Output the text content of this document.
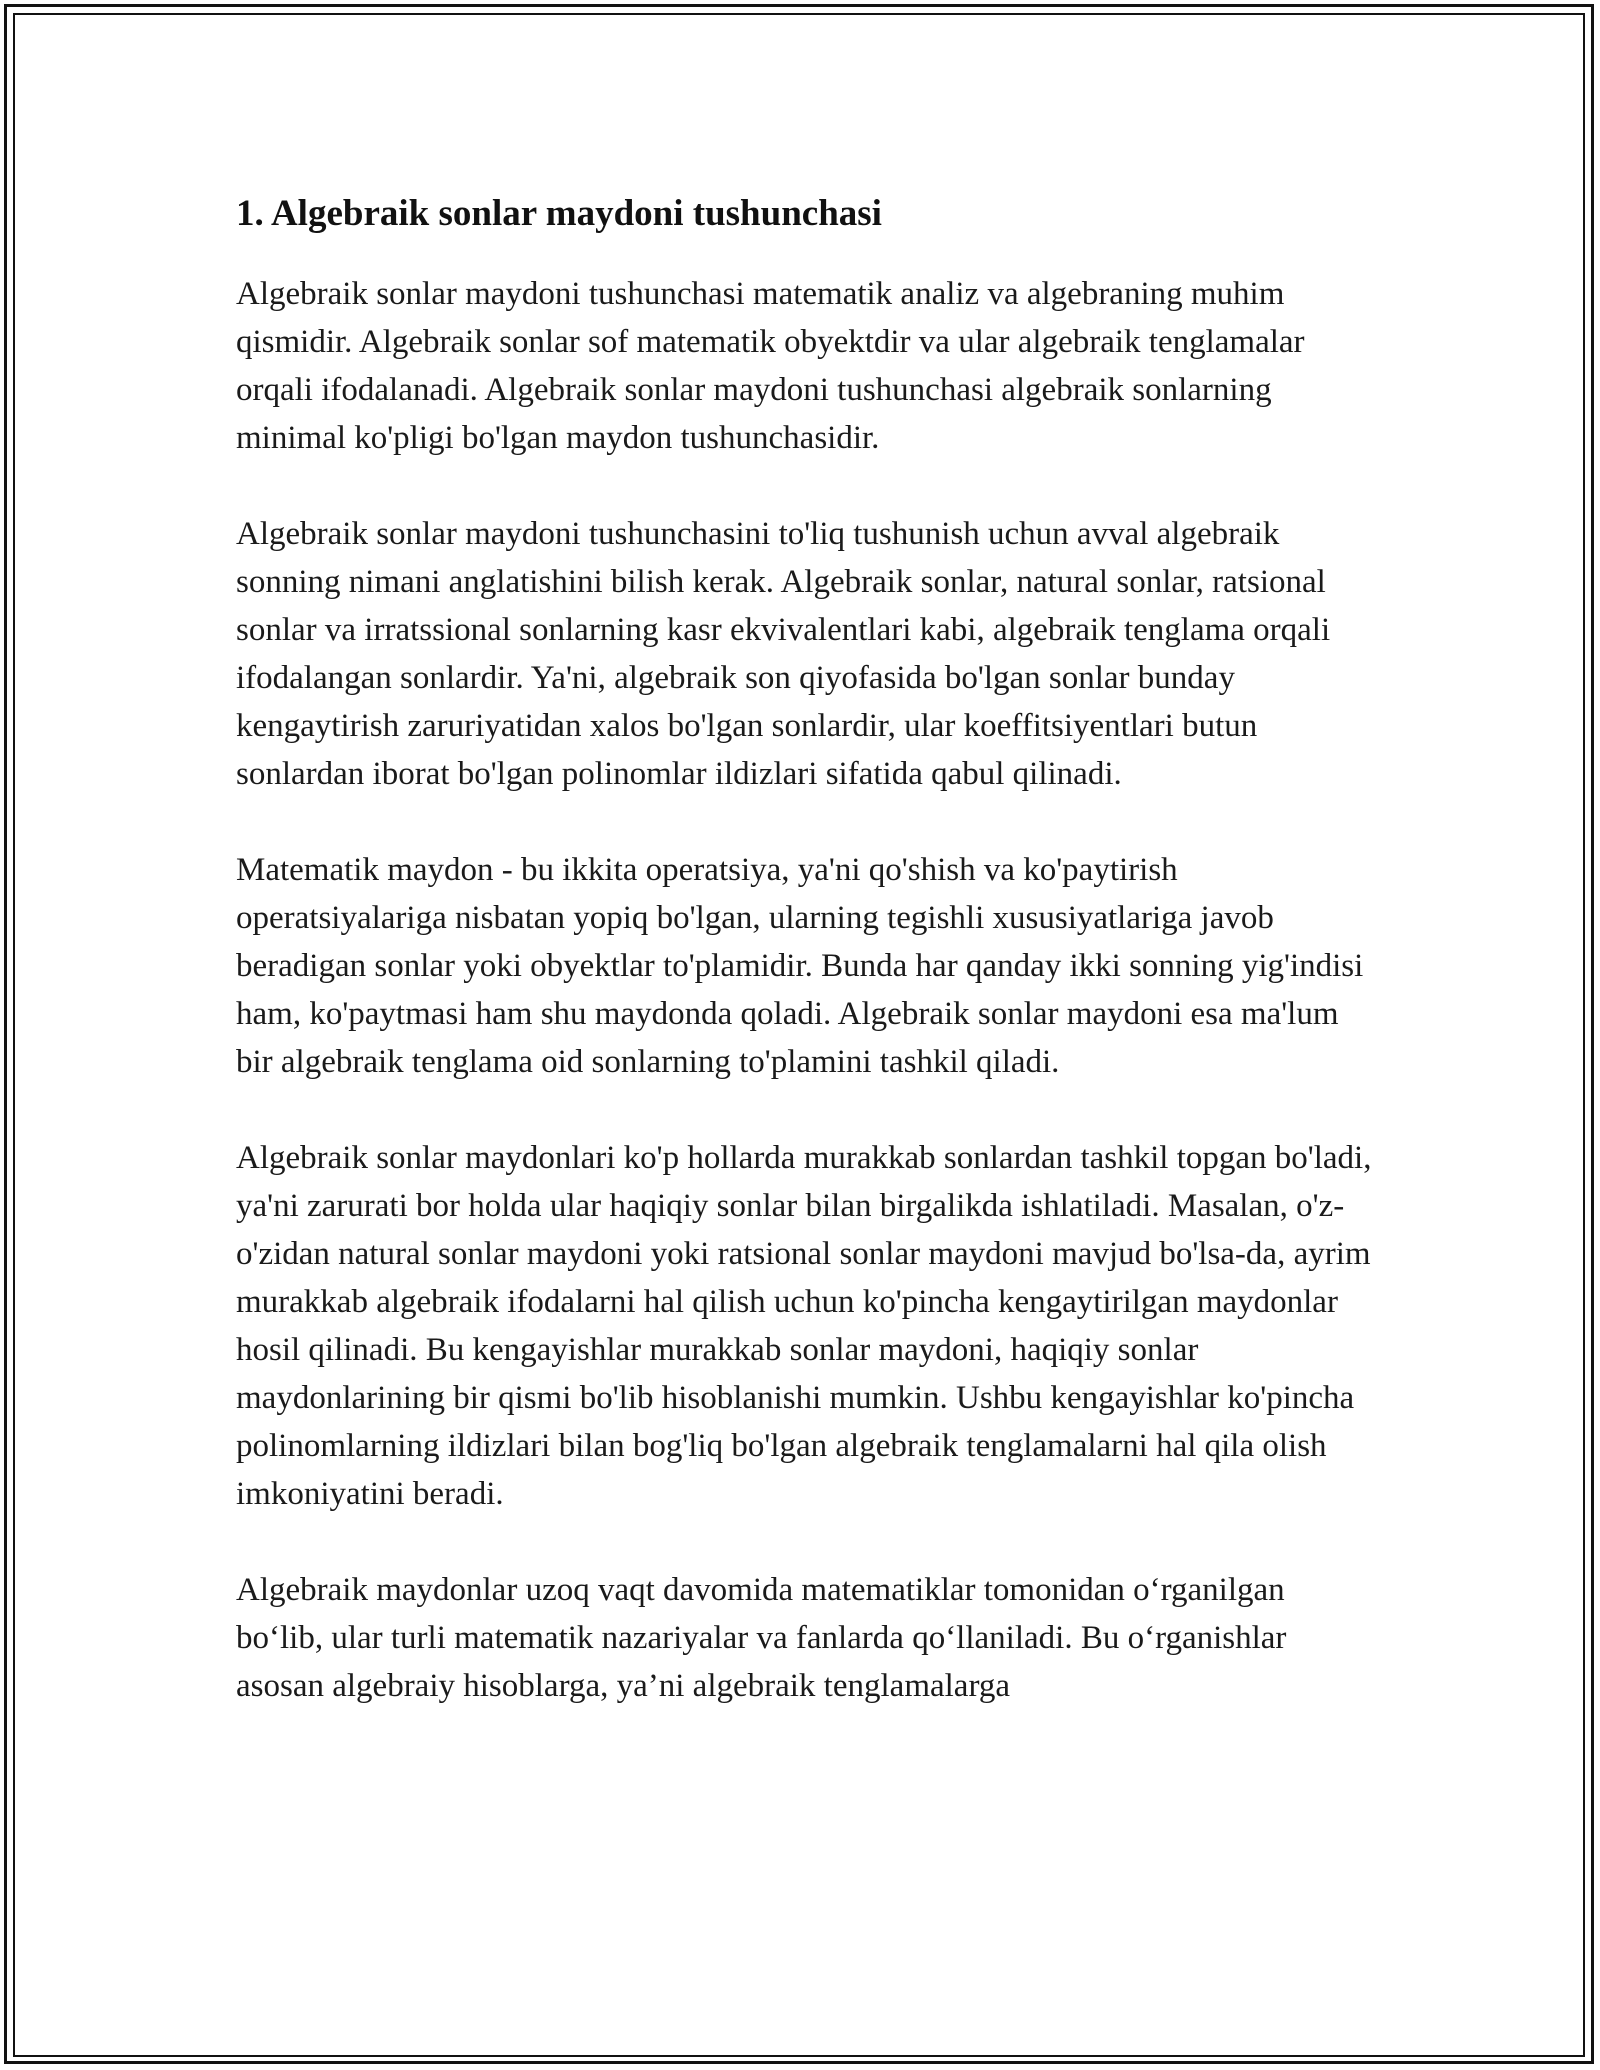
1. Algebraik sonlar maydoni tushunchasi

Algebraik sonlar maydoni tushunchasi matematik analiz va algebraning muhim qismidir. Algebraik sonlar sof matematik obyektdir va ular algebraik tenglamalar orqali ifodalanadi. Algebraik sonlar maydoni tushunchasi algebraik sonlarning minimal ko'pligi bo'lgan maydon tushunchasidir.

Algebraik sonlar maydoni tushunchasini to'liq tushunish uchun avval algebraik sonning nimani anglatishini bilish kerak. Algebraik sonlar, natural sonlar, ratsional sonlar va irratssional sonlarning kasr ekvivalentlari kabi, algebraik tenglama orqali ifodalangan sonlardir. Ya'ni, algebraik son qiyofasida bo'lgan sonlar bunday kengaytirish zaruriyatidan xalos bo'lgan sonlardir, ular koeffitsiyentlari butun sonlardan iborat bo'lgan polinomlar ildizlari sifatida qabul qilinadi.

Matematik maydon - bu ikkita operatsiya, ya'ni qo'shish va ko'paytirish operatsiyalariga nisbatan yopiq bo'lgan, ularning tegishli xususiyatlariga javob beradigan sonlar yoki obyektlar to'plamidir. Bunda har qanday ikki sonning yig'indisi ham, ko'paytmasi ham shu maydonda qoladi. Algebraik sonlar maydoni esa ma'lum bir algebraik tenglama oid sonlarning to'plamini tashkil qiladi.

Algebraik sonlar maydonlari ko'p hollarda murakkab sonlardan tashkil topgan bo'ladi, ya'ni zarurati bor holda ular haqiqiy sonlar bilan birgalikda ishlatiladi. Masalan, o'z-o'zidan natural sonlar maydoni yoki ratsional sonlar maydoni mavjud bo'lsa-da, ayrim murakkab algebraik ifodalarni hal qilish uchun ko'pincha kengaytirilgan maydonlar hosil qilinadi. Bu kengayishlar murakkab sonlar maydoni, haqiqiy sonlar maydonlarining bir qismi bo'lib hisoblanishi mumkin. Ushbu kengayishlar ko'pincha polinomlarning ildizlari bilan bog'liq bo'lgan algebraik tenglamalarni hal qila olish imkoniyatini beradi.

Algebraik maydonlar uzoq vaqt davomida matematiklar tomonidan o‘rganilgan bo‘lib, ular turli matematik nazariyalar va fanlarda qo‘llaniladi. Bu o‘rganishlar asosan algebraiy hisoblarga, ya’ni algebraik tenglamalarga
